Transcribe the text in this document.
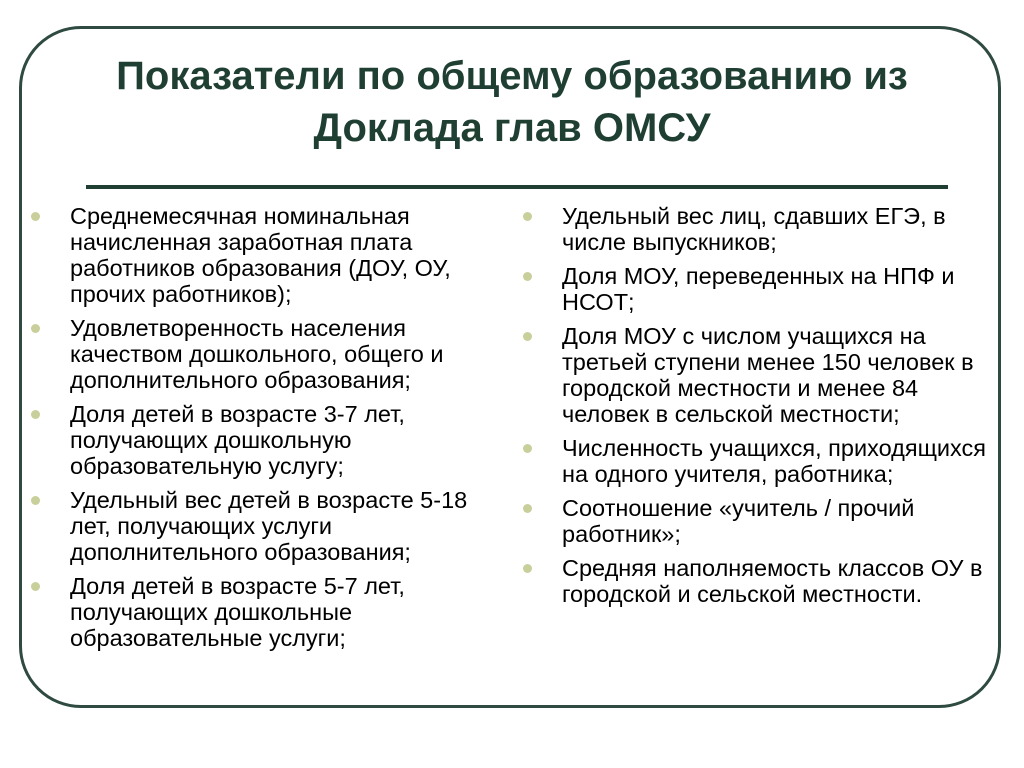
Показатели по общему образованию из
Доклада глав ОМСУ
Среднемесячная номинальная начисленная заработная плата работников образования (ДОУ, ОУ, прочих работников);
Удовлетворенность населения качеством дошкольного, общего и дополнительного образования;
Доля детей в возрасте 3-7 лет, получающих дошкольную образовательную услугу;
Удельный вес детей в возрасте 5-18 лет, получающих услуги дополнительного образования;
Доля детей в возрасте 5-7 лет, получающих дошкольные образовательные услуги;
Удельный вес лиц, сдавших ЕГЭ, в числе выпускников;
Доля МОУ, переведенных на НПФ и НСОТ;
Доля МОУ с числом учащихся на третьей ступени менее 150 человек в городской местности и менее 84 человек в сельской местности;
Численность учащихся, приходящихся на одного учителя, работника;
Соотношение «учитель / прочий работник»;
Средняя наполняемость классов ОУ в городской и сельской местности.
